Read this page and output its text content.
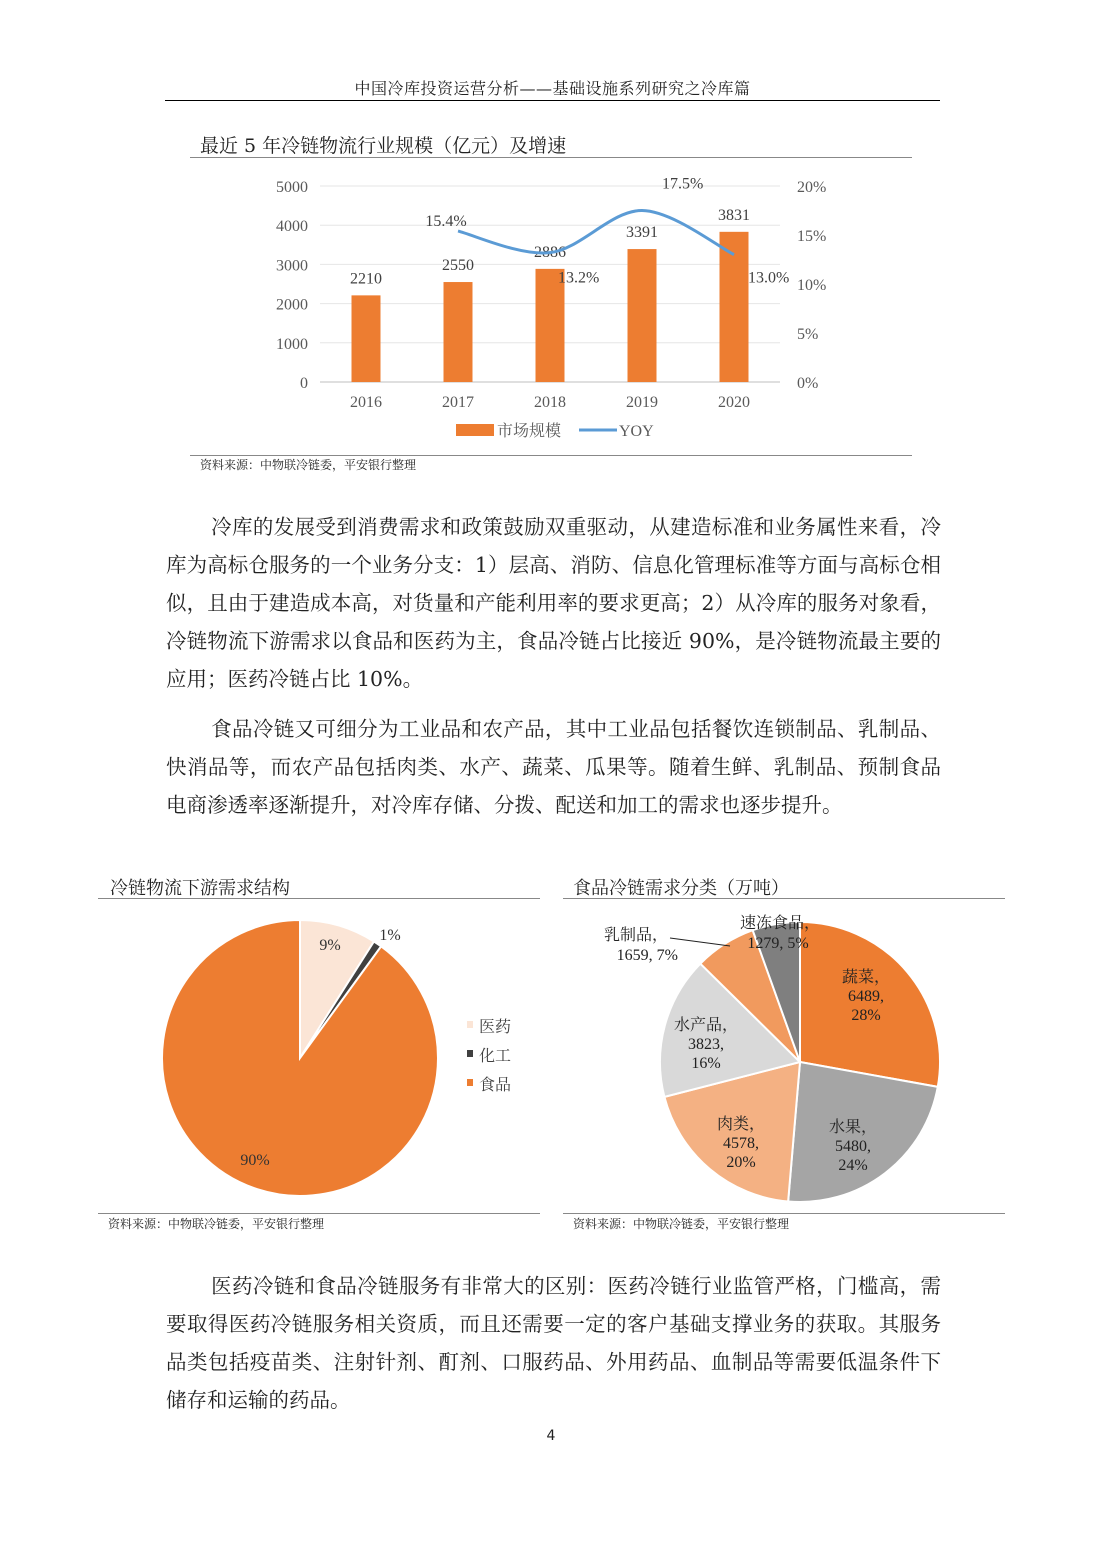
中国冷库投资运营分析——基础设施系列研究之冷库篇
最近 5 年冷链物流行业规模（亿元）及增速
0
1000
2000
3000
4000
5000
0%
5%
10%
15%
20%
2210
2016
2550
2017
2886
2018
3391
2019
3831
2020
15.4%
13.2%
17.5%
13.0%
市场规模	YOY
资料来源：中物联冷链委，平安银行整理

冷库的发展受到消费需求和政策鼓励双重驱动，从建造标准和业务属性来看，冷库为高标仓服务的一个业务分支：1）层高、消防、信息化管理标准等方面与高标仓相似，且由于建造成本高，对货量和产能利用率的要求更高；2）从冷库的服务对象看，冷链物流下游需求以食品和医药为主，食品冷链占比接近 90%，是冷链物流最主要的应用；医药冷链占比 10%。

食品冷链又可细分为工业品和农产品，其中工业品包括餐饮连锁制品、乳制品、快消品等，而农产品包括肉类、水产、蔬菜、瓜果等。随着生鲜、乳制品、预制食品电商渗透率逐渐提升，对冷库存储、分拨、配送和加工的需求也逐步提升。

冷链物流下游需求结构
9%
1%
90%
医药
化工
食品
资料来源：中物联冷链委，平安银行整理
食品冷链需求分类（万吨）
蔬菜，
6489,
28%
水果，
5480,
24%
肉类，
4578,
20%
水产品，
3823,
16%
乳制品，
1659, 7%
速冻食品，
1279, 5%
资料来源：中物联冷链委，平安银行整理

医药冷链和食品冷链服务有非常大的区别：医药冷链行业监管严格，门槛高，需要取得医药冷链服务相关资质，而且还需要一定的客户基础支撑业务的获取。其服务品类包括疫苗类、注射针剂、酊剂、口服药品、外用药品、血制品等需要低温条件下储存和运输的药品。

4
